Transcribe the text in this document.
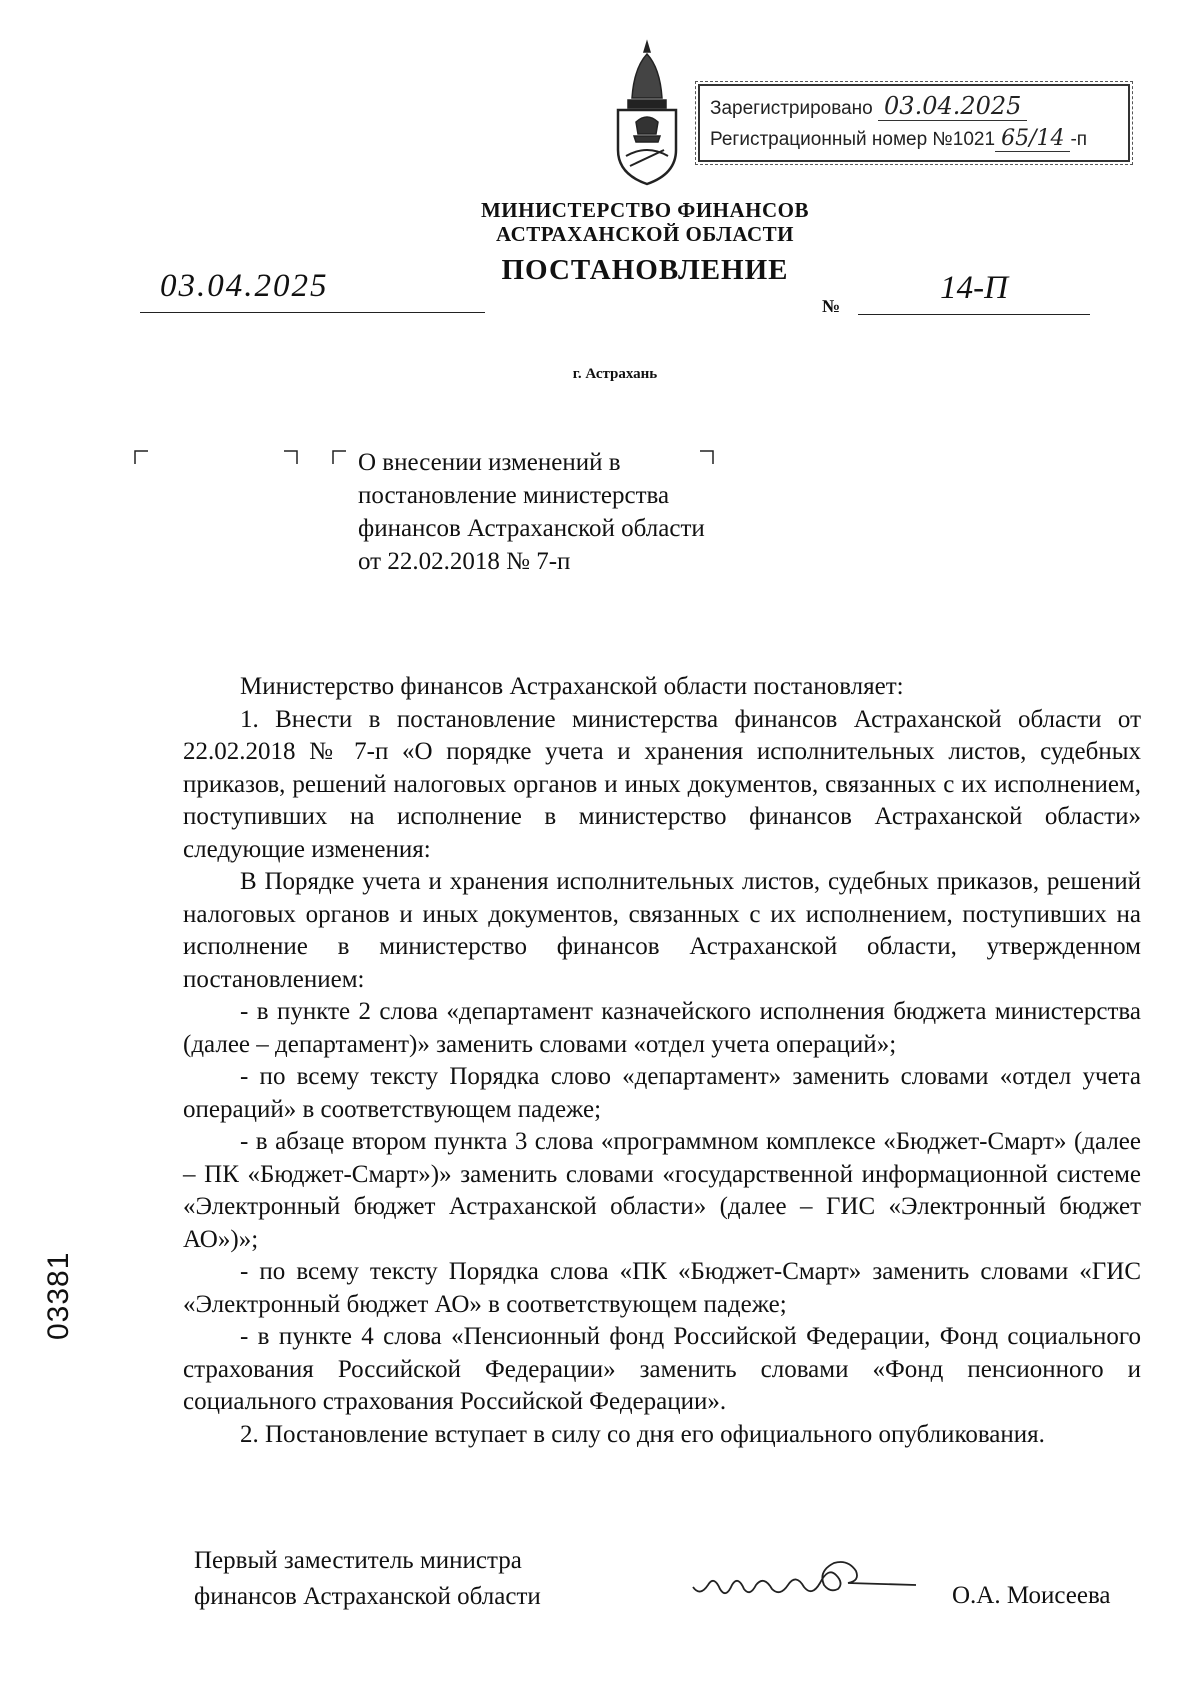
Зарегистрировано 03.04.2025
Регистрационный номер №1021 65/14 -п
МИНИСТЕРСТВО ФИНАНСОВ
АСТРАХАНСКОЙ ОБЛАСТИ
ПОСТАНОВЛЕНИЕ
03.04.2025
№	14-П
г. Астрахань
О внесении изменений в
постановление министерства
финансов Астраханской области
от 22.02.2018 № 7-п

Министерство финансов Астраханской области постановляет:

1. Внести в постановление министерства финансов Астраханской области от 22.02.2018 № 7-п «О порядке учета и хранения исполнительных листов, судебных приказов, решений налоговых органов и иных документов, связанных с их исполнением, поступивших на исполнение в министерство финансов Астраханской области» следующие изменения:

В Порядке учета и хранения исполнительных листов, судебных приказов, решений налоговых органов и иных документов, связанных с их исполнением, поступивших на исполнение в министерство финансов Астраханской области, утвержденном постановлением:

- в пункте 2 слова «департамент казначейского исполнения бюджета министерства (далее – департамент)» заменить словами «отдел учета операций»;

- по всему тексту Порядка слово «департамент» заменить словами «отдел учета операций» в соответствующем падеже;

- в абзаце втором пункта 3 слова «программном комплексе «Бюджет-Смарт» (далее – ПК «Бюджет-Смарт»)» заменить словами «государственной информационной системе «Электронный бюджет Астраханской области» (далее – ГИС «Электронный бюджет АО»)»;

- по всему тексту Порядка слова «ПК «Бюджет-Смарт» заменить словами «ГИС «Электронный бюджет АО» в соответствующем падеже;

- в пункте 4 слова «Пенсионный фонд Российской Федерации, Фонд социального страхования Российской Федерации» заменить словами «Фонд пенсионного и социального страхования Российской Федерации».

2. Постановление вступает в силу со дня его официального опубликования.

Первый заместитель министра
финансов Астраханской области	О.А. Моисеева
03381
